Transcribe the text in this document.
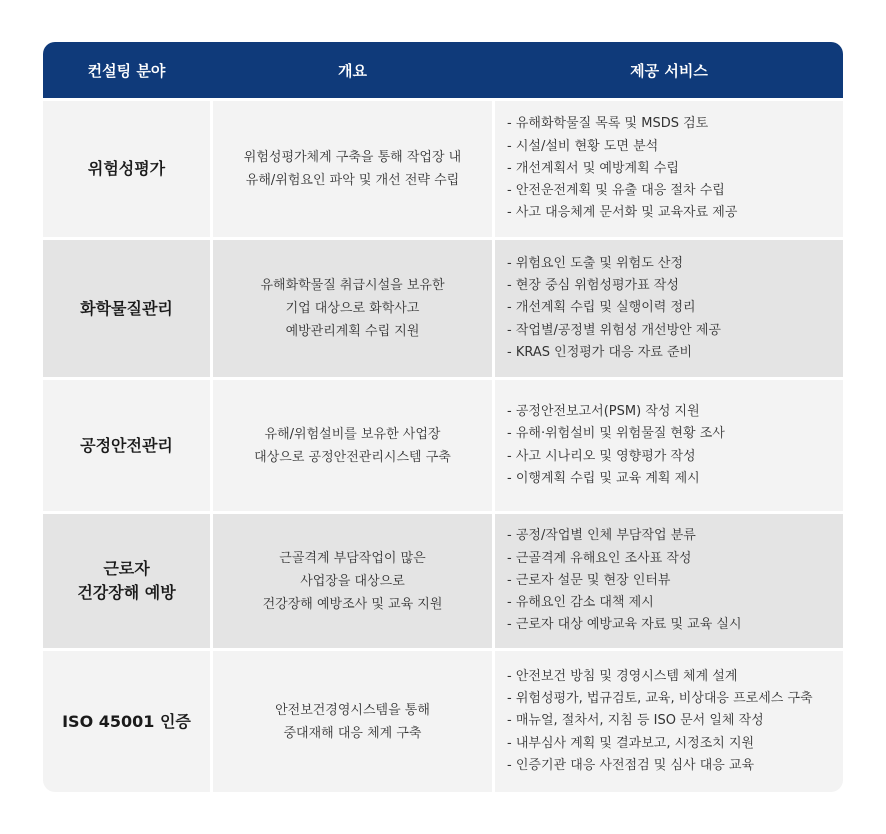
컨설팅 분야	개요	제공 서비스
위험성평가
위험성평가체계 구축을 통해 작업장 내
유해/위험요인 파악 및 개선 전략 수립
- 유해화학물질 목록 및 MSDS 검토
- 시설/설비 현황 도면 분석
- 개선계획서 및 예방계획 수립
- 안전운전계획 및 유출 대응 절차 수립
- 사고 대응체계 문서화 및 교육자료 제공
화학물질관리
유해화학물질 취급시설을 보유한
기업 대상으로 화학사고
예방관리계획 수립 지원
- 위험요인 도출 및 위험도 산정
- 현장 중심 위험성평가표 작성
- 개선계획 수립 및 실행이력 정리
- 작업별/공정별 위험성 개선방안 제공
- KRAS 인정평가 대응 자료 준비
공정안전관리
유해/위험설비를 보유한 사업장
대상으로 공정안전관리시스템 구축
- 공정안전보고서(PSM) 작성 지원
- 유해·위험설비 및 위험물질 현황 조사
- 사고 시나리오 및 영향평가 작성
- 이행계획 수립 및 교육 계획 제시
근로자
건강장해 예방
근골격계 부담작업이 많은
사업장을 대상으로
건강장해 예방조사 및 교육 지원
- 공정/작업별 인체 부담작업 분류
- 근골격계 유해요인 조사표 작성
- 근로자 설문 및 현장 인터뷰
- 유해요인 감소 대책 제시
- 근로자 대상 예방교육 자료 및 교육 실시
ISO 45001 인증
안전보건경영시스템을 통해
중대재해 대응 체계 구축
- 안전보건 방침 및 경영시스템 체계 설계
- 위험성평가, 법규검토, 교육, 비상대응 프로세스 구축
- 매뉴얼, 절차서, 지침 등 ISO 문서 일체 작성
- 내부심사 계획 및 결과보고, 시정조치 지원
- 인증기관 대응 사전점검 및 심사 대응 교육
